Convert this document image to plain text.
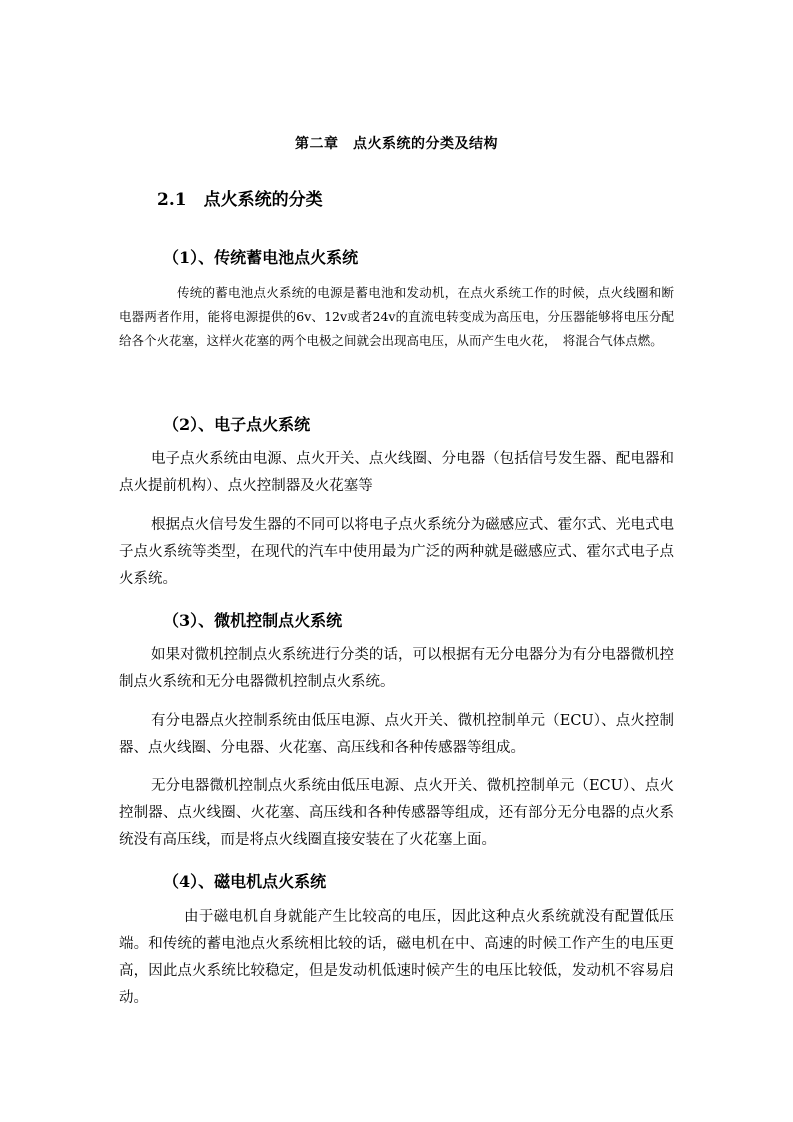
第二章　点火系统的分类及结构
2.1  点火系统的分类
（1）、传统蓄电池点火系统

传统的蓄电池点火系统的电源是蓄电池和发动机，在点火系统工作的时候，点火线圈和断电器两者作用，能将电源提供的6v、12v或者24v的直流电转变成为高压电，分压器能够将电压分配给各个火花塞，这样火花塞的两个电极之间就会出现高电压，从而产生电火花，　将混合气体点燃。

（2）、电子点火系统

电子点火系统由电源、点火开关、点火线圈、分电器（包括信号发生器、配电器和点火提前机构）、点火控制器及火花塞等

根据点火信号发生器的不同可以将电子点火系统分为磁感应式、霍尔式、光电式电子点火系统等类型，在现代的汽车中使用最为广泛的两种就是磁感应式、霍尔式电子点火系统。

（3）、微机控制点火系统

如果对微机控制点火系统进行分类的话，可以根据有无分电器分为有分电器微机控制点火系统和无分电器微机控制点火系统。

有分电器点火控制系统由低压电源、点火开关、微机控制单元（ECU）、点火控制器、点火线圈、分电器、火花塞、高压线和各种传感器等组成。

无分电器微机控制点火系统由低压电源、点火开关、微机控制单元（ECU）、点火控制器、点火线圈、火花塞、高压线和各种传感器等组成，还有部分无分电器的点火系统没有高压线，而是将点火线圈直接安装在了火花塞上面。

（4）、磁电机点火系统

由于磁电机自身就能产生比较高的电压，因此这种点火系统就没有配置低压端。和传统的蓄电池点火系统相比较的话，磁电机在中、高速的时候工作产生的电压更高，因此点火系统比较稳定，但是发动机低速时候产生的电压比较低，发动机不容易启动。
